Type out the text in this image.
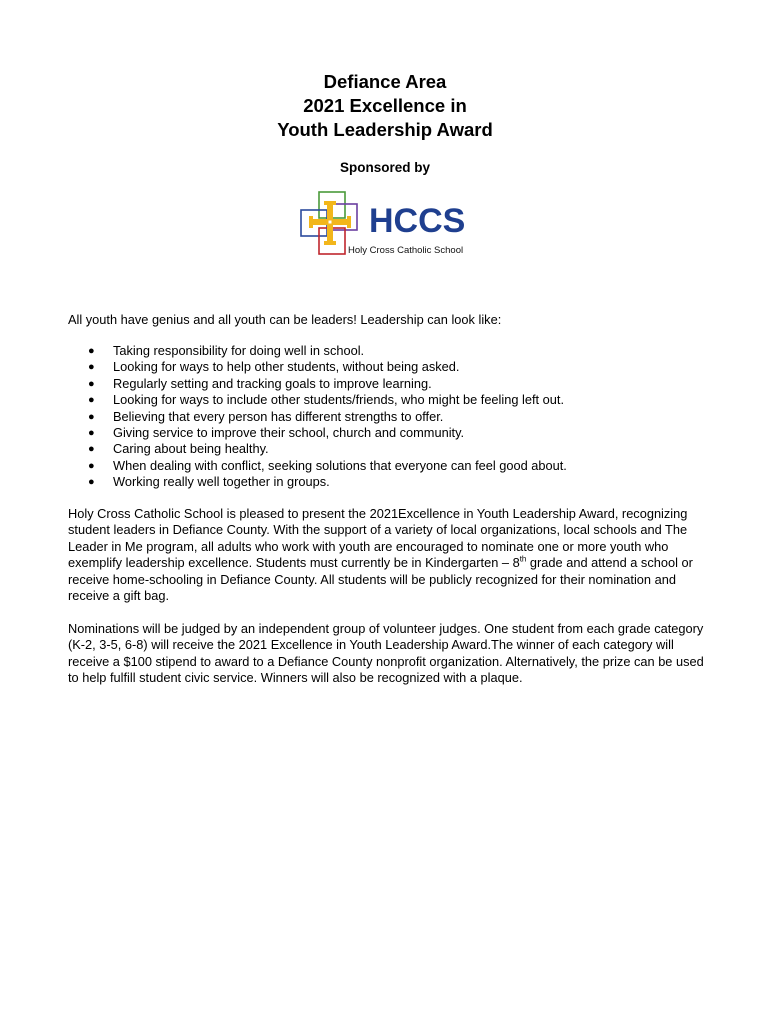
Defiance Area
2021 Excellence in
Youth Leadership Award
Sponsored by
HCCS
Holy Cross Catholic School
All youth have genius and all youth can be leaders! Leadership can look like:
● Taking responsibility for doing well in school.
● Looking for ways to help other students, without being asked.
● Regularly setting and tracking goals to improve learning.
● Looking for ways to include other students/friends, who might be feeling left out.
● Believing that every person has different strengths to offer.
● Giving service to improve their school, church and community.
● Caring about being healthy.
● When dealing with conflict, seeking solutions that everyone can feel good about.
● Working really well together in groups.
Holy Cross Catholic School is pleased to present the 2021Excellence in Youth Leadership Award, recognizing student leaders in Defiance County. With the support of a variety of local organizations, local schools and The Leader in Me program, all adults who work with youth are encouraged to nominate one or more youth who exemplify leadership excellence. Students must currently be in Kindergarten – 8th grade and attend a school or receive home-schooling in Defiance County. All students will be publicly recognized for their nomination and receive a gift bag.
Nominations will be judged by an independent group of volunteer judges. One student from each grade category (K-2, 3-5, 6-8) will receive the 2021 Excellence in Youth Leadership Award.The winner of each category will receive a $100 stipend to award to a Defiance County nonprofit organization. Alternatively, the prize can be used to help fulfill student civic service. Winners will also be recognized with a plaque.
